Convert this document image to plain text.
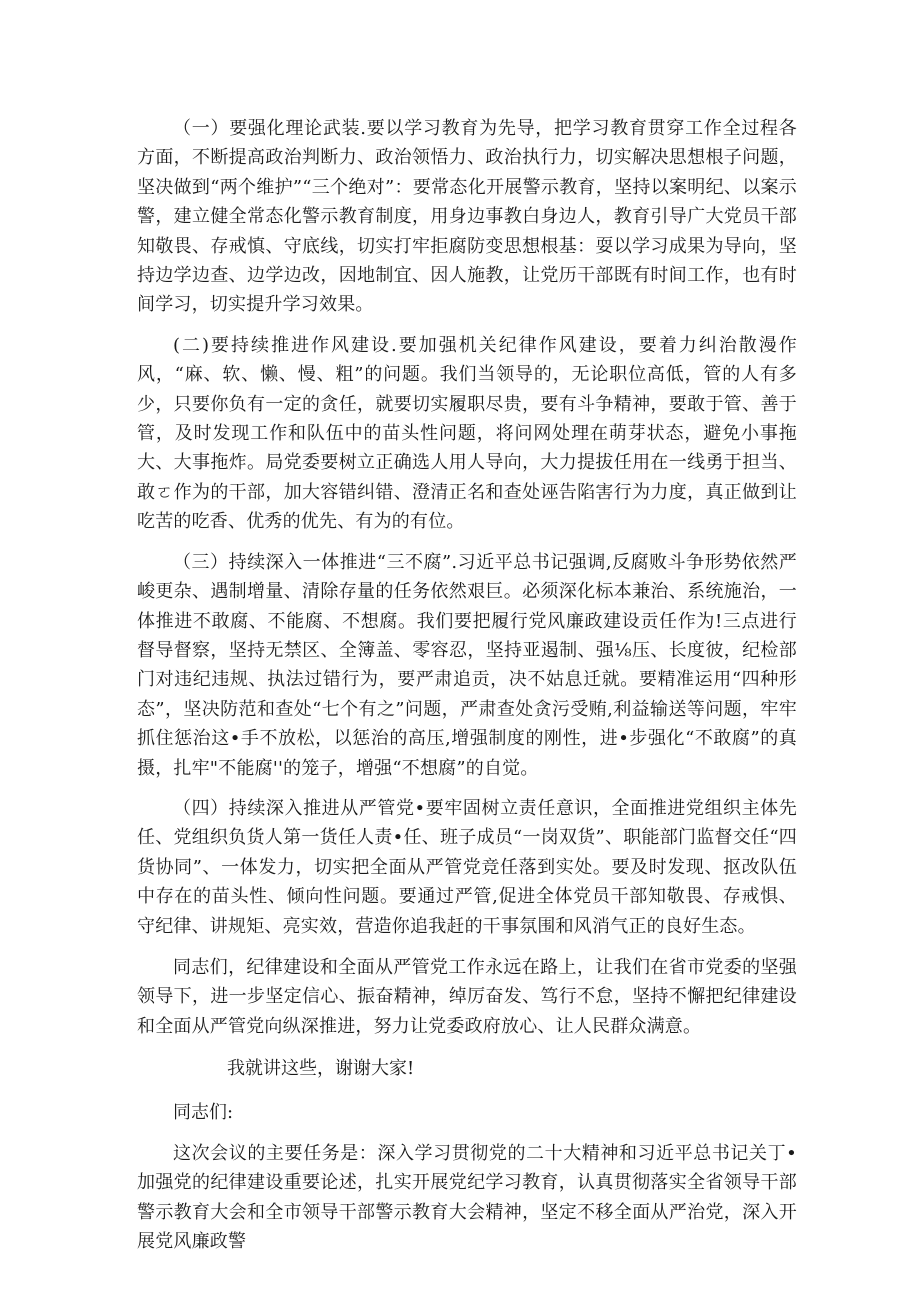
（一）要强化理论武装.要以学习教育为先导，把学习教育贯穿工作全过程各方面，不断提高政治判断力、政治领悟力、政治执行力，切实解决思想根子问题，坚决做到“两个维护”“三个绝对”：要常态化开展警示教育，坚持以案明纪、以案示警，建立健全常态化警示教育制度，用身边事教白身边人，教育引导广大党员干部知敬畏、存戒慎、守底线，切实打牢拒腐防变思想根基：耍以学习成果为导向，坚持边学边查、边学边改，因地制宜、因人施教，让党历干部既有时间工作，也有时间学习，切实提升学习效果。

(二)要持续推进作风建设.要加强机关纪律作风建设，要着力纠治散漫作风，“麻、软、懒、慢、粗”的问题。我们当领导的，无论职位高低，管的人有多少，只要你负有一定的贪任，就要切实履职尽贵，要有斗争精神，要敢于管、善于管，及时发现工作和队伍中的苗头性问题，将问网处理在萌芽状态，避免小事拖大、大事拖炸。局党委要树立正确选人用人导向，大力提拔任用在一线勇于担当、敢ㄛ作为的干部，加大容错纠错、澄清正名和查处诬告陷害行为力度，真正做到让吃苦的吃香、优秀的优先、有为的有位。

（三）持续深入一体推进“三不腐”.习近平总书记强调,反腐败斗争形势依然严峻更杂、遇制增量、清除存量的任务依然艰巨。必须深化标本兼治、系统施治，一体推进不敢腐、不能腐、不想腐。我们要把履行党风廉政建设贡任作为!三点进行督导督察，坚持无禁区、全簿盖、零容忍，坚持亚遏制、强⅛压、长度彼，纪检部门对违纪违规、执法过错行为，要严肃追贡，决不姑息迁就。要精准运用“四种形态”，坚决防范和查处“七个有之”问题，严肃查处贪污受贿,利益输送等问题，牢牢抓住惩治这•手不放松，以惩治的高压,增强制度的刚性，进•步强化“不敢腐”的真摄，扎牢"不能腐''的笼子，增强“不想腐”的自觉。

（四）持续深入推进从严管党•要牢固树立责任意识，全面推进党组织主体先任、党组织负货人第一货任人责•任、班子成员“一岗双货”、职能部门监督交任“四货协同”、一体发力，切实把全面从严管党竞任落到实处。要及时发现、抠改队伍中存在的苗头性、倾向性问题。要通过严管,促进全体党员干部知敬畏、存戒惧、守纪律、讲规矩、亮实效，营造你追我赶的干事氛围和风消气正的良好生态。

同志们，纪律建设和全面从严管党工作永远在路上，让我们在省市党委的坚强领导下，进一步坚定信心、振奋精神，绰厉奋发、笃行不怠，坚持不懈把纪律建设和全面从严管党向纵深推进，努力让党委政府放心、让人民群众满意。

我就讲这些，谢谢大家!

同志们:

这次会议的主要任务是：深入学习贯彻党的二十大精神和习近平总书记关丁•加强党的纪律建设重要论述，扎实开展党纪学习教育，认真贯彻落实全省领导干部警示教育大会和全市领导干部警示教育大会精神，坚定不移全面从严治党，深入开展党风廉政警
